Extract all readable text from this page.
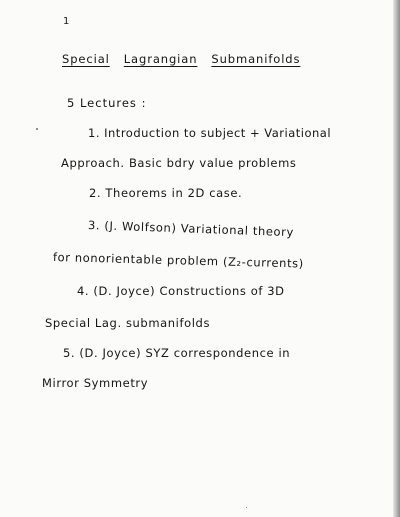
1
Special Lagrangian Submanifolds
5 Lectures :
1. Introduction to subject + Variational
Approach. Basic bdry value problems
2. Theorems in 2D case.
3. (J. Wolfson) Variational theory
for nonorientable problem (Z₂-currents)
4. (D. Joyce) Constructions of 3D
Special Lag. submanifolds
5. (D. Joyce) SYZ correspondence in
Mirror Symmetry
